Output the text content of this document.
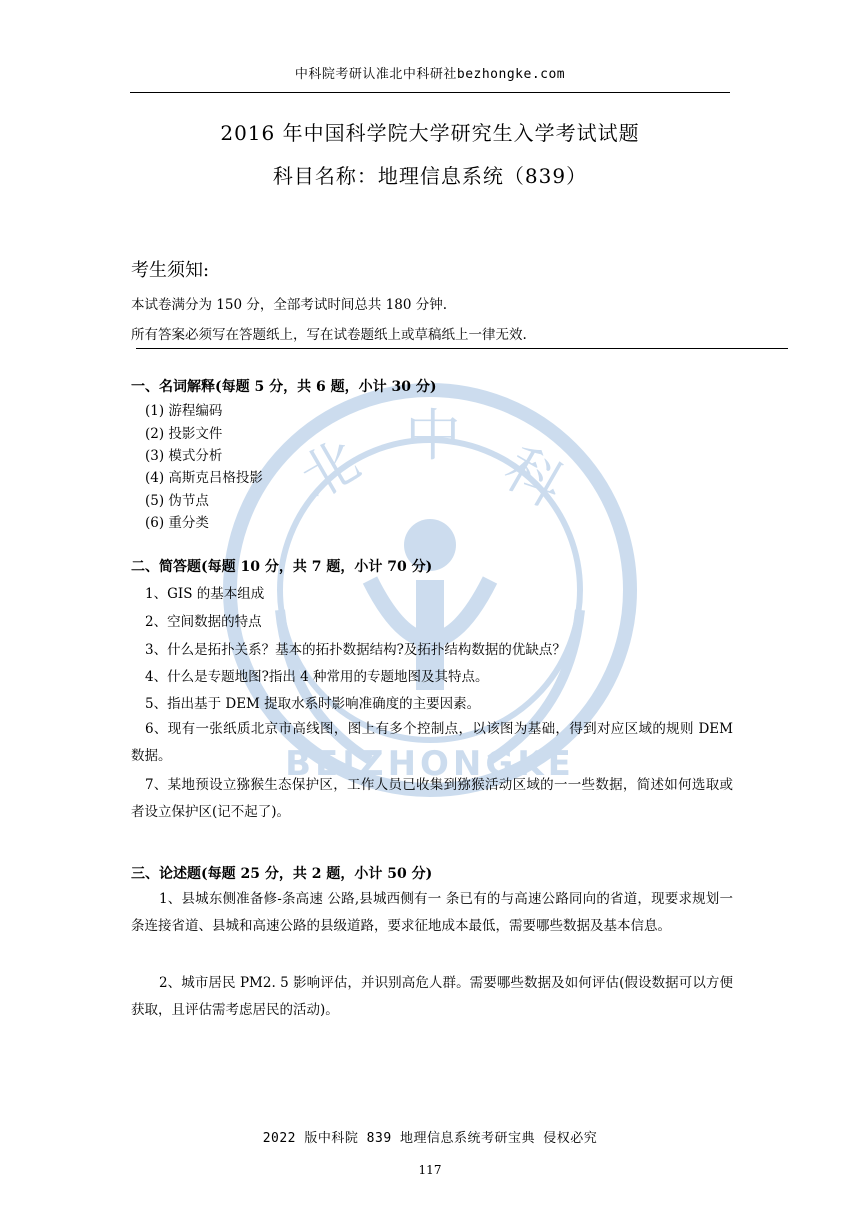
北 中 科
BEIZHONGKE
中科院考研认准北中科研社bezhongke.com
2016 年中国科学院大学研究生入学考试试题
科目名称：地理信息系统（839）
考生须知:
本试卷满分为 150 分，全部考试时间总共 180 分钟.
所有答案必须写在答题纸上，写在试卷题纸上或草稿纸上一律无效.
一、名词解释(每题 5 分，共 6 题，小计 30 分)
(1) 游程编码
(2) 投影文件
(3) 模式分析
(4) 高斯克吕格投影
(5) 伪节点
(6) 重分类
二、简答题(每题 10 分，共 7 题，小计 70 分)
1、GIS 的基本组成
2、空间数据的特点
3、什么是拓扑关系？基本的拓扑数据结构?及拓扑结构数据的优缺点？
4、什么是专题地图?指出 4 种常用的专题地图及其特点。
5、指出基于 DEM 提取水系时影响准确度的主要因素。
6、现有一张纸质北京市高线图，图上有多个控制点，以该图为基础，得到对应区域的规则 DEM 数据。
7、某地预设立猕猴生态保护区，工作人员已收集到猕猴活动区域的一一些数据，简述如何选取或者设立保护区(记不起了)。
三、论述题(每题 25 分，共 2 题，小计 50 分)
1、县城东侧准备修-条高速 公路,县城西侧有一 条已有的与高速公路同向的省道，现要求规划一条连接省道、县城和高速公路的县级道路，要求征地成本最低，需要哪些数据及基本信息。
2、城市居民 PM2. 5 影响评估，并识别高危人群。需要哪些数据及如何评估(假设数据可以方便获取，且评估需考虑居民的活动)。
2022 版中科院 839 地理信息系统考研宝典 侵权必究
117
